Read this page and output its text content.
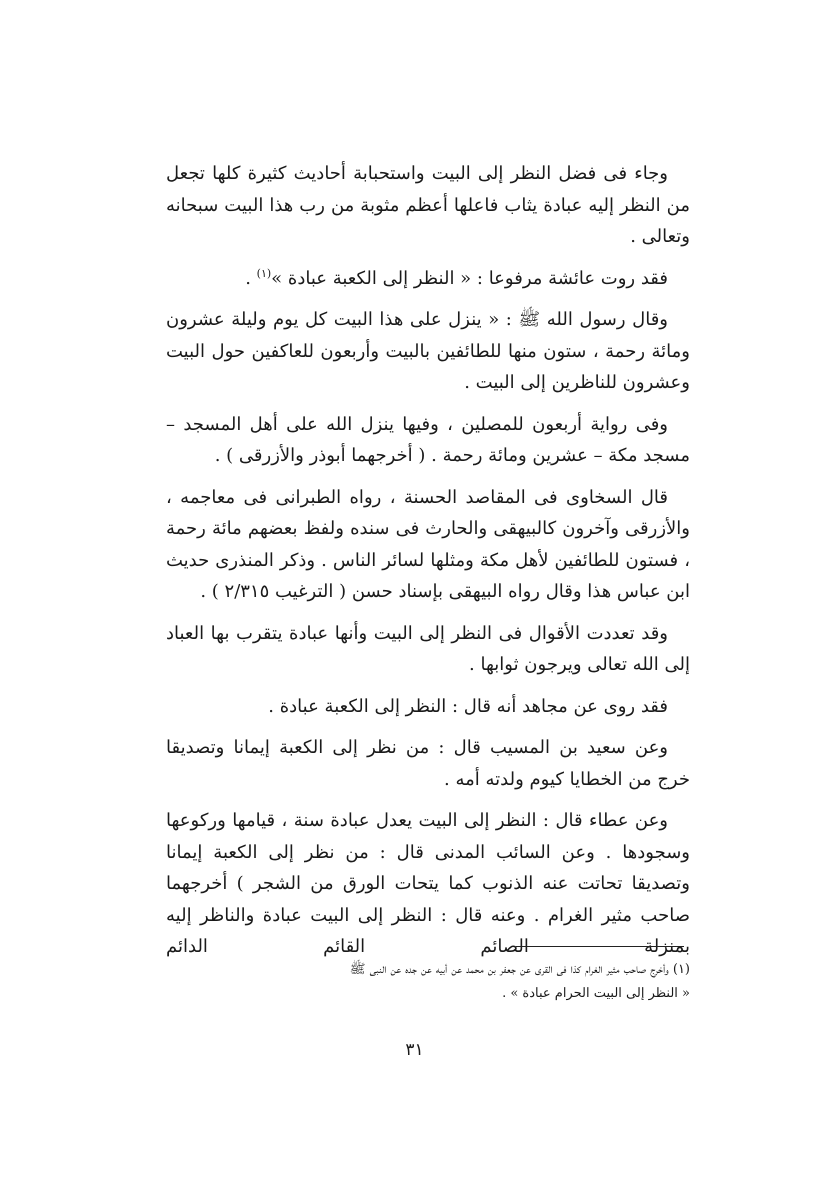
وجاء فى فضل النظر إلى البيت واستحبابة أحاديث كثيرة كلها تجعل من النظر إليه عبادة يثاب فاعلها أعظم مثوبة من رب هذا البيت سبحانه وتعالى .

فقد روت عائشة مرفوعا : « النظر إلى الكعبة عبادة »$^{(١)}$ .

وقال رسول الله ﷺ : « ينزل على هذا البيت كل يوم وليلة عشرون ومائة رحمة ، ستون منها للطائفين بالبيت وأربعون للعاكفين حول البيت وعشرون للناظرين إلى البيت .

وفى رواية أربعون للمصلين ، وفيها ينزل الله على أهل المسجد – مسجد مكة – عشرين ومائة رحمة . ( أخرجهما أبوذر والأزرقى ) .

قال السخاوى فى المقاصد الحسنة ، رواه الطبرانى فى معاجمه ، والأزرقى وآخرون كالبيهقى والحارث فى سنده ولفظ بعضهم مائة رحمة ، فستون للطائفين لأهل مكة ومثلها لسائر الناس . وذكر المنذرى حديث ابن عباس هذا وقال رواه البيهقى بإسناد حسن ( الترغيب ٢/٣١٥ ) .

وقد تعددت الأقوال فى النظر إلى البيت وأنها عبادة يتقرب بها العباد إلى الله تعالى ويرجون ثوابها .

فقد روى عن مجاهد أنه قال : النظر إلى الكعبة عبادة .

وعن سعيد بن المسيب قال : من نظر إلى الكعبة إيمانا وتصديقا خرج من الخطايا كيوم ولدته أمه .

وعن عطاء قال : النظر إلى البيت يعدل عبادة سنة ، قيامها وركوعها وسجودها . وعن السائب المدنى قال : من نظر إلى الكعبة إيمانا وتصديقا تحاتت عنه الذنوب كما يتحات الورق من الشجر ) أخرجهما صاحب مثير الغرام . وعنه قال : النظر إلى البيت عبادة والناظر إليه بمنزلة الصائم القائم الدائم

(١) وأخرج صاحب مثير الغرام كذا فى القرى عن جعفر بن محمد عن أبيه عن جده عن النبى ﷺ

« النظر إلى البيت الحرام عبادة » .

٣١
